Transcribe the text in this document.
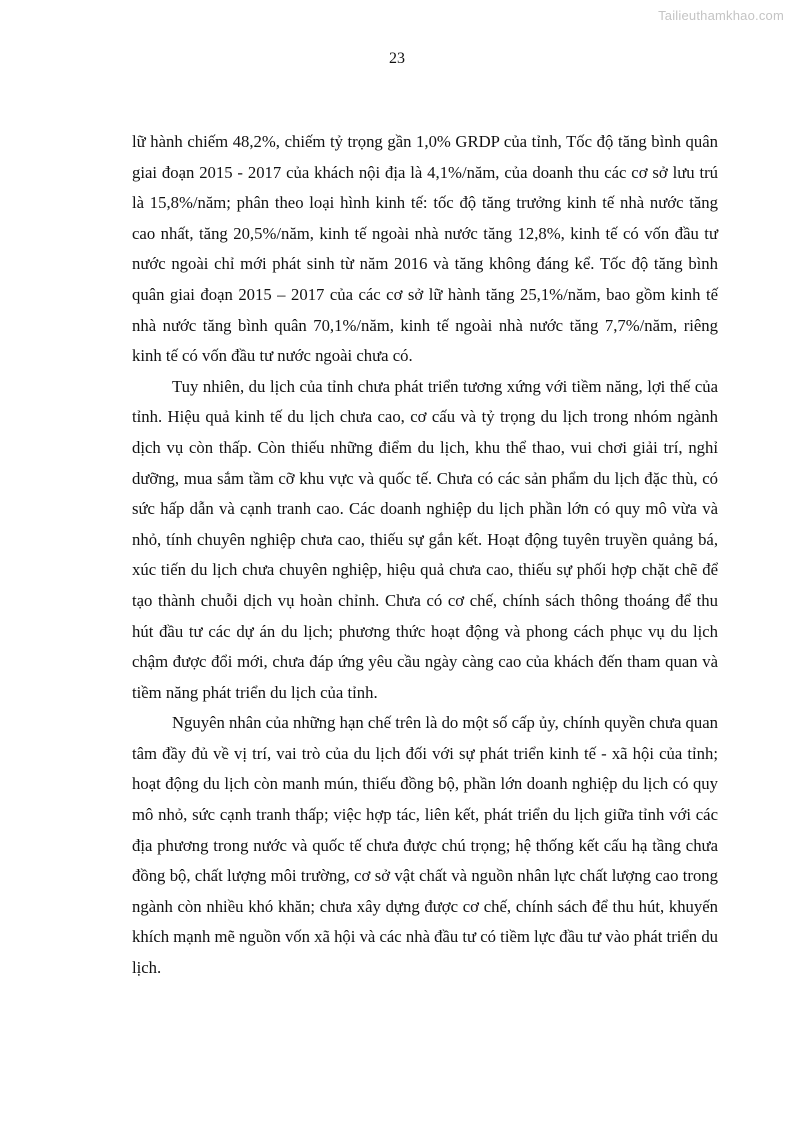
Tailieuthamkhao.com
23

lữ hành chiếm 48,2%, chiếm tỷ trọng gần 1,0% GRDP của tỉnh, Tốc độ tăng bình quân giai đoạn 2015 - 2017 của khách nội địa là 4,1%/năm, của doanh thu các cơ sở lưu trú là 15,8%/năm; phân theo loại hình kinh tế: tốc độ tăng trưởng kinh tế nhà nước tăng cao nhất, tăng 20,5%/năm, kinh tế ngoài nhà nước tăng 12,8%, kinh tế có vốn đầu tư nước ngoài chỉ mới phát sinh từ năm 2016 và tăng không đáng kể. Tốc độ tăng bình quân giai đoạn 2015 – 2017 của các cơ sở lữ hành tăng 25,1%/năm, bao gồm kinh tế nhà nước tăng bình quân 70,1%/năm, kinh tế ngoài nhà nước tăng 7,7%/năm, riêng kinh tế có vốn đầu tư nước ngoài chưa có.

Tuy nhiên, du lịch của tỉnh chưa phát triển tương xứng với tiềm năng, lợi thế của tỉnh. Hiệu quả kinh tế du lịch chưa cao, cơ cấu và tỷ trọng du lịch trong nhóm ngành dịch vụ còn thấp. Còn thiếu những điểm du lịch, khu thể thao, vui chơi giải trí, nghỉ dưỡng, mua sắm tầm cỡ khu vực và quốc tế. Chưa có các sản phẩm du lịch đặc thù, có sức hấp dẫn và cạnh tranh cao. Các doanh nghiệp du lịch phần lớn có quy mô vừa và nhỏ, tính chuyên nghiệp chưa cao, thiếu sự gắn kết. Hoạt động tuyên truyền quảng bá, xúc tiến du lịch chưa chuyên nghiệp, hiệu quả chưa cao, thiếu sự phối hợp chặt chẽ để tạo thành chuỗi dịch vụ hoàn chỉnh. Chưa có cơ chế, chính sách thông thoáng để thu hút đầu tư các dự án du lịch; phương thức hoạt động và phong cách phục vụ du lịch chậm được đổi mới, chưa đáp ứng yêu cầu ngày càng cao của khách đến tham quan và tiềm năng phát triển du lịch của tỉnh.

Nguyên nhân của những hạn chế trên là do một số cấp ủy, chính quyền chưa quan tâm đầy đủ về vị trí, vai trò của du lịch đối với sự phát triển kinh tế - xã hội của tỉnh; hoạt động du lịch còn manh mún, thiếu đồng bộ, phần lớn doanh nghiệp du lịch có quy mô nhỏ, sức cạnh tranh thấp; việc hợp tác, liên kết, phát triển du lịch giữa tỉnh với các địa phương trong nước và quốc tế chưa được chú trọng; hệ thống kết cấu hạ tầng chưa đồng bộ, chất lượng môi trường, cơ sở vật chất và nguồn nhân lực chất lượng cao trong ngành còn nhiều khó khăn; chưa xây dựng được cơ chế, chính sách để thu hút, khuyến khích mạnh mẽ nguồn vốn xã hội và các nhà đầu tư có tiềm lực đầu tư vào phát triển du lịch.
